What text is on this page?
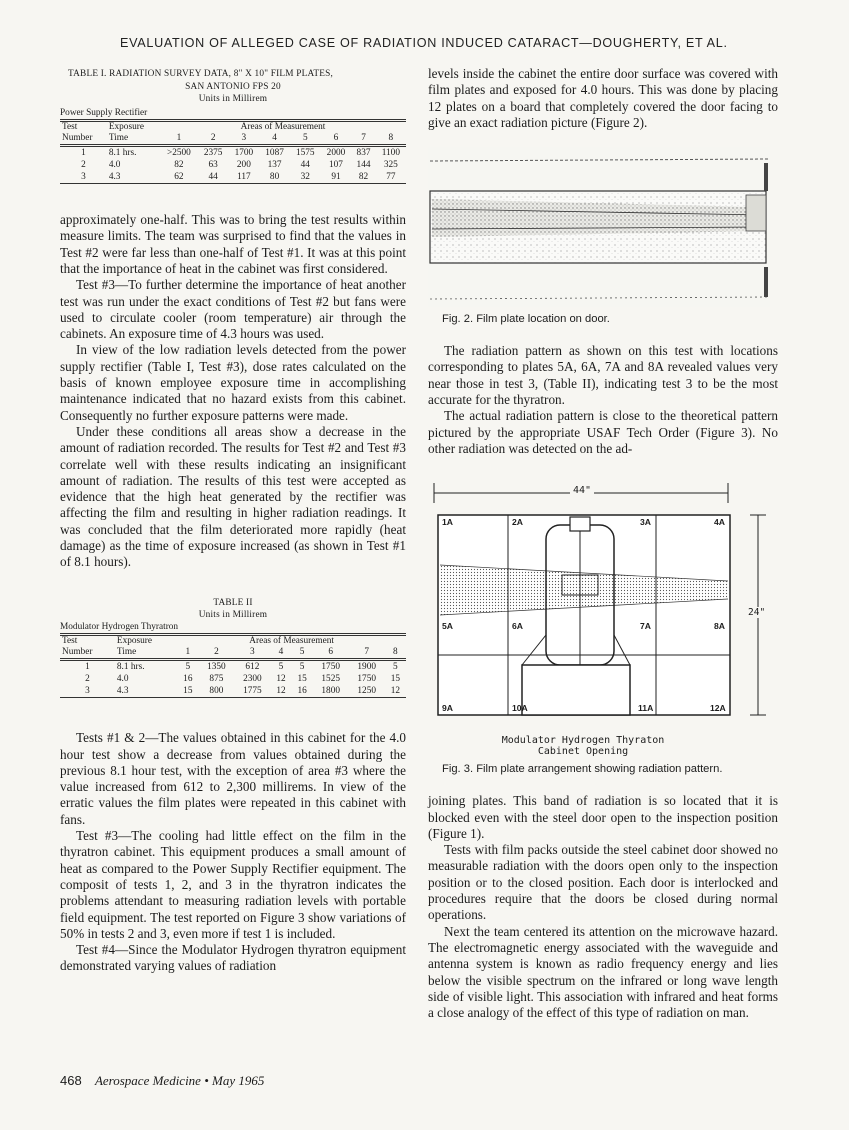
EVALUATION OF ALLEGED CASE OF RADIATION INDUCED CATARACT—DOUGHERTY, ET AL.
TABLE I. RADIATION SURVEY DATA, 8" X 10" FILM PLATES,
SAN ANTONIO FPS 20
Units in Millirem
Power Supply Rectifier
Test	Exposure	Areas of Measurement							
Number	Time	1	2	3	4	5	6	7	8

1	8.1 hrs.	>2500	2375	1700	1087	1575	2000	837	1100
2	4.0	82	63	200	137	44	107	144	325
3	4.3	62	44	117	80	32	91	82	77

approximately one-half. This was to bring the test results within measure limits. The team was surprised to find that the values in Test #2 were far less than one-half of Test #1. It was at this point that the importance of heat in the cabinet was first considered.

Test #3—To further determine the importance of heat another test was run under the exact conditions of Test #2 but fans were used to circulate cooler (room temperature) air through the cabinets. An exposure time of 4.3 hours was used.

In view of the low radiation levels detected from the power supply rectifier (Table I, Test #3), dose rates calculated on the basis of known employee exposure time in accomplishing maintenance indicated that no hazard exists from this cabinet. Consequently no further exposure patterns were made.

Under these conditions all areas show a decrease in the amount of radiation recorded. The results for Test #2 and Test #3 correlate well with these results indicating an insignificant amount of radiation. The results of this test were accepted as evidence that the high heat generated by the rectifier was affecting the film and resulting in higher radiation readings. It was concluded that the film deteriorated more rapidly (heat damage) as the time of exposure increased (as shown in Test #1 of 8.1 hours).

TABLE II
Units in Millirem
Modulator Hydrogen Thyratron
Test	Exposure	Areas of Measurement							
Number	Time	1	2	3	4	5	6	7	8

1	8.1 hrs.	5	1350	612	5	5	1750	1900	5
2	4.0	16	875	2300	12	15	1525	1750	15
3	4.3	15	800	1775	12	16	1800	1250	12

Tests #1 & 2—The values obtained in this cabinet for the 4.0 hour test show a decrease from values obtained during the previous 8.1 hour test, with the exception of area #3 where the value increased from 612 to 2,300 millirems. In view of the erratic values the film plates were repeated in this cabinet with fans.

Test #3—The cooling had little effect on the film in the thyratron cabinet. This equipment produces a small amount of heat as compared to the Power Supply Rectifier equipment. The composit of tests 1, 2, and 3 in the thyratron indicates the problems attendant to measuring radiation levels with portable field equipment. The test reported on Figure 3 show variations of 50% in tests 2 and 3, even more if test 1 is included.

Test #4—Since the Modulator Hydrogen thyratron equipment demonstrated varying values of radiation

levels inside the cabinet the entire door surface was covered with film plates and exposed for 4.0 hours. This was done by placing 12 plates on a board that completely covered the door facing to give an exact radiation picture (Figure 2).

Fig. 2. Film plate location on door.

The radiation pattern as shown on this test with locations corresponding to plates 5A, 6A, 7A and 8A revealed values very near those in test 3, (Table II), indicating test 3 to be the most accurate for the thyratron.

The actual radiation pattern is close to the theoretical pattern pictured by the appropriate USAF Tech Order (Figure 3). No other radiation was detected on the ad-

44"
24"
1A	2A	3A	4A
5A	6A	7A	8A
9A	10A	11A	12A
Modulator Hydrogen Thyraton
Cabinet Opening
Fig. 3. Film plate arrangement showing radiation pattern.

joining plates. This band of radiation is so located that it is blocked even with the steel door open to the inspection position (Figure 1).

Tests with film packs outside the steel cabinet door showed no measurable radiation with the doors open only to the inspection position or to the closed position. Each door is interlocked and procedures require that the doors be closed during normal operations.

Next the team centered its attention on the microwave hazard. The electromagnetic energy associated with the waveguide and antenna system is known as radio frequency energy and lies below the visible spectrum on the infrared or long wave length side of visible light. This association with infrared and heat forms a close analogy of the effect of this type of radiation on man.

468 Aerospace Medicine • May 1965
